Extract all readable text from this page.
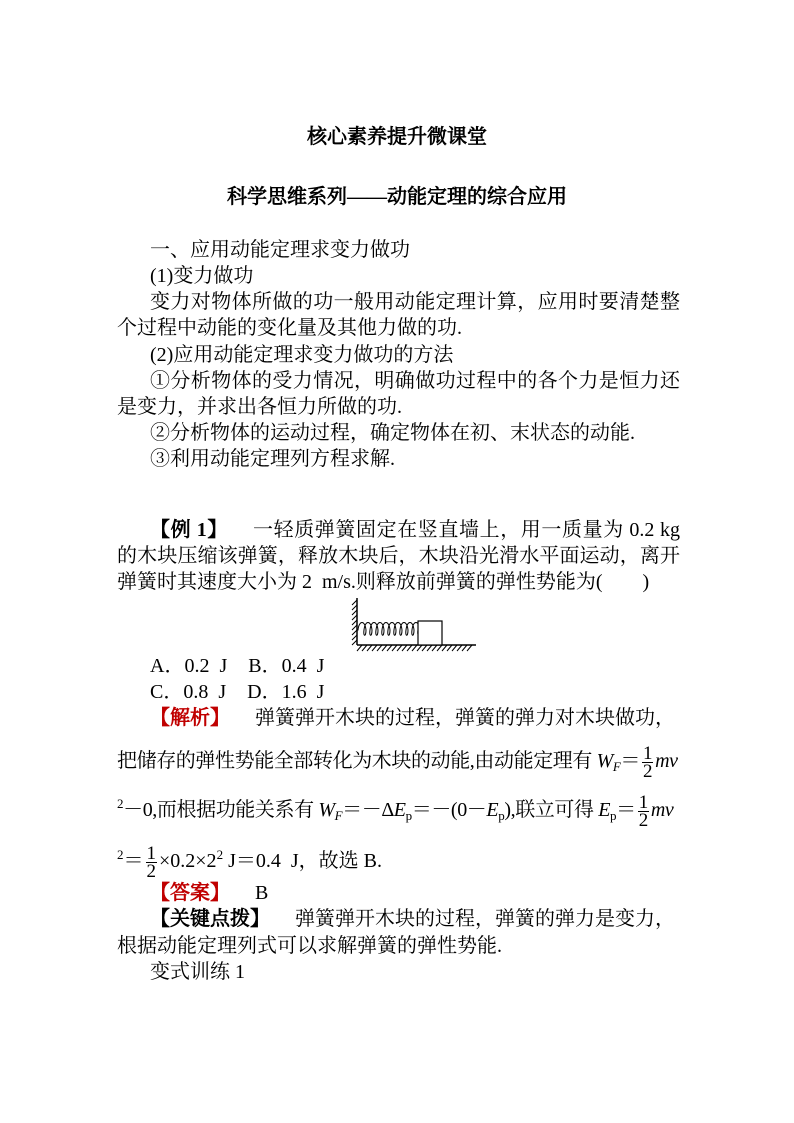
核心素养提升微课堂
科学思维系列——动能定理的综合应用
一、应用动能定理求变力做功
(1)变力做功
变力对物体所做的功一般用动能定理计算，应用时要清楚整
个过程中动能的变化量及其他力做的功.
(2)应用动能定理求变力做功的方法
①分析物体的受力情况，明确做功过程中的各个力是恒力还
是变力，并求出各恒力所做的功.
②分析物体的运动过程，确定物体在初、末状态的动能.
③利用动能定理列方程求解.
【例 1】 一轻质弹簧固定在竖直墙上，用一质量为 0.2 kg
的木块压缩该弹簧，释放木块后，木块沿光滑水平面运动，离开
弹簧时其速度大小为 2  m/s.则释放前弹簧的弹性势能为(　　)
A．0.2  J B．0.4  J
C．0.8  J D．1.6  J
【解析】 弹簧弹开木块的过程，弹簧的弹力对木块做功，
把储存的弹性势能全部转化为木块的动能,由动能定理有 $W_F= \frac{1}{2}$ mv
$^2$－0,而根据功能关系有 $W_F=-\Delta E_p=-(0-E_p)$,联立可得 $E_p= \frac{1}{2}$ mv
$^2= \frac{1}{2} \times 0.2\times 2^2$ J＝0.4  J，故选 B.
【答案】 B
【关键点拨】 弹簧弹开木块的过程，弹簧的弹力是变力，
根据动能定理列式可以求解弹簧的弹性势能.
变式训练 1
